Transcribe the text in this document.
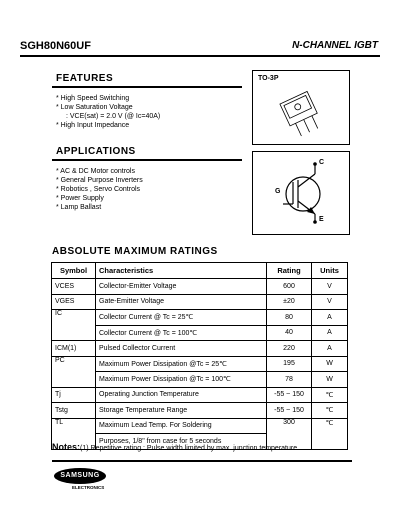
SGH80N60UF	N-CHANNEL IGBT
FEATURES
* High Speed Switching
* Low Saturation Voltage
: VCE(sat) = 2.0 V (@ Ic=40A)
* High Input Impedance
APPLICATIONS
* AC & DC Motor controls
* General Purpose Inverters
* Robotics , Servo Controls
* Power Supply
* Lamp Ballast
TO-3P
C
G
E
ABSOLUTE MAXIMUM RATINGS
Symbol	Characteristics	Rating	Units
VCES	Collector-Emitter Voltage	600	V
VGES	Gate-Emitter Voltage	±20	V
IC	Collector Current @ Tc = 25℃	80	A
	Collector Current @ Tc = 100℃	40	A
ICM(1)	Pulsed Collector Current	220	A
PC	Maximum Power Dissipation @Tc = 25℃	195	W
	Maximum Power Dissipation @Tc = 100℃	78	W
Tj	Operating Junction Temperature	-55 ~ 150	℃
Tstg	Storage Temperature Range	-55 ~ 150	℃
TL	Maximum Lead Temp. For Soldering	300	℃
	Purposes, 1/8" from case for 5 seconds		
Notes:(1) Repetitive rating : Pulse width limited by max. junction temperature
SAMSUNG
ELECTRONICS
